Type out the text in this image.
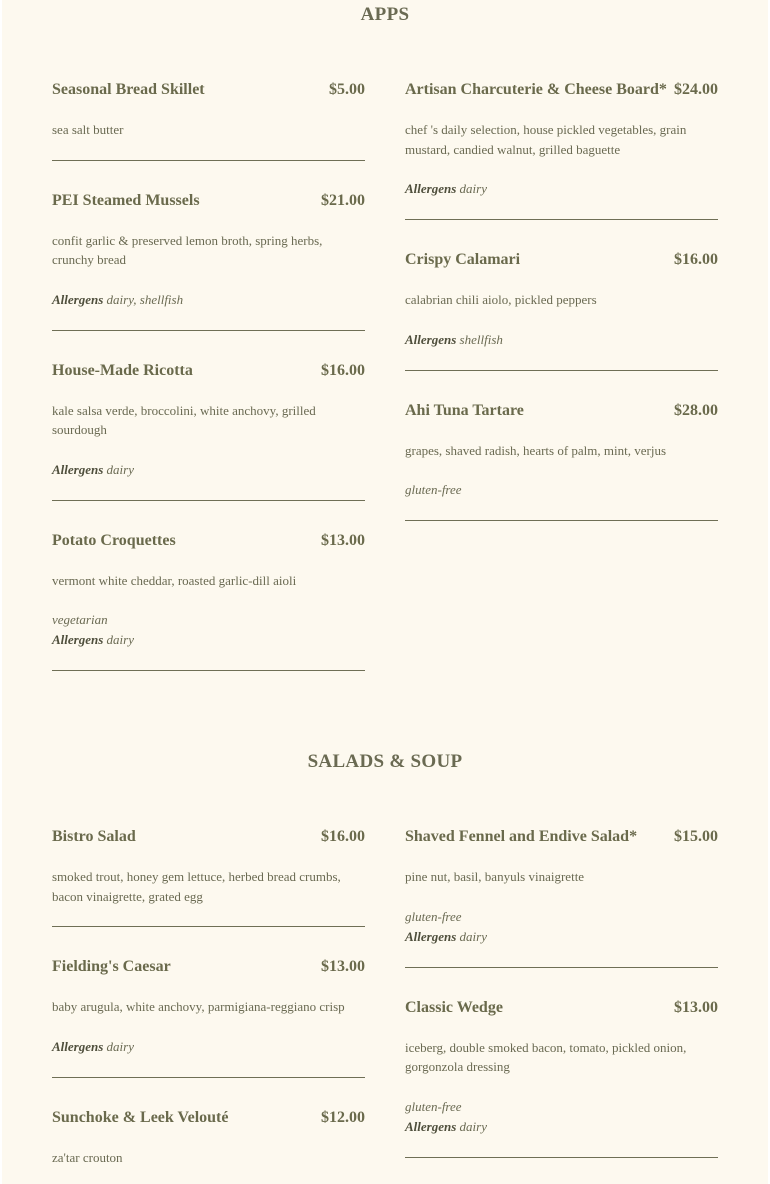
APPS
Seasonal Bread Skillet	$5.00
sea salt butter
PEI Steamed Mussels	$21.00
confit garlic & preserved lemon broth, spring herbs, crunchy bread
Allergens dairy, shellfish
House-Made Ricotta	$16.00
kale salsa verde, broccolini, white anchovy, grilled sourdough
Allergens dairy
Potato Croquettes	$13.00
vermont white cheddar, roasted garlic-dill aioli
vegetarian
Allergens dairy
Artisan Charcuterie & Cheese Board* $24.00
chef 's daily selection, house pickled vegetables, grain mustard, candied walnut, grilled baguette
Allergens dairy
Crispy Calamari	$16.00
calabrian chili aiolo, pickled peppers
Allergens shellfish
Ahi Tuna Tartare	$28.00
grapes, shaved radish, hearts of palm, mint, verjus
gluten-free
SALADS & SOUP
Bistro Salad	$16.00
smoked trout, honey gem lettuce, herbed bread crumbs, bacon vinaigrette, grated egg
Fielding's Caesar	$13.00
baby arugula, white anchovy, parmigiana-reggiano crisp
Allergens dairy
Sunchoke & Leek Velouté	$12.00
za'tar crouton
Shaved Fennel and Endive Salad*	$15.00
pine nut, basil, banyuls vinaigrette
gluten-free
Allergens dairy
Classic Wedge	$13.00
iceberg, double smoked bacon, tomato, pickled onion, gorgonzola dressing
gluten-free
Allergens dairy
